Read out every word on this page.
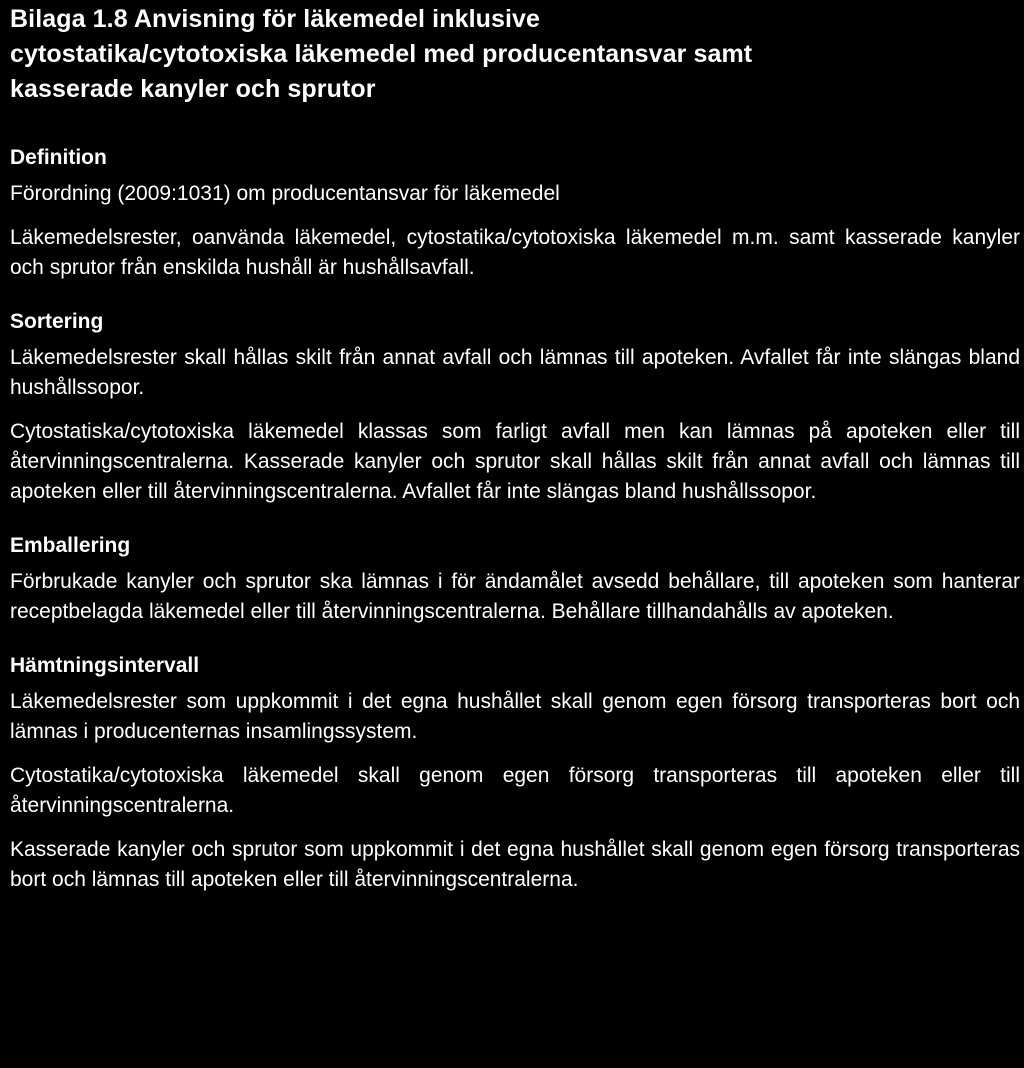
Bilaga 1.8 Anvisning för läkemedel inklusive
cytostatika/cytotoxiska läkemedel med producentansvar samt
kasserade kanyler och sprutor
Definition

Förordning (2009:1031) om producentansvar för läkemedel

Läkemedelsrester, oanvända läkemedel, cytostatika/cytotoxiska läkemedel m.m. samt kasserade kanyler och sprutor från enskilda hushåll är hushållsavfall.

Sortering

Läkemedelsrester skall hållas skilt från annat avfall och lämnas till apoteken. Avfallet får inte slängas bland hushållssopor.

Cytostatiska/cytotoxiska läkemedel klassas som farligt avfall men kan lämnas på apoteken eller till återvinningscentralerna. Kasserade kanyler och sprutor skall hållas skilt från annat avfall och lämnas till apoteken eller till återvinningscentralerna. Avfallet får inte slängas bland hushållssopor.

Emballering

Förbrukade kanyler och sprutor ska lämnas i för ändamålet avsedd behållare, till apoteken som hanterar receptbelagda läkemedel eller till återvinningscentralerna. Behållare tillhandahålls av apoteken.

Hämtningsintervall

Läkemedelsrester som uppkommit i det egna hushållet skall genom egen försorg transporteras bort och lämnas i producenternas insamlingssystem.

Cytostatika/cytotoxiska läkemedel skall genom egen försorg transporteras till apoteken eller till återvinningscentralerna.

Kasserade kanyler och sprutor som uppkommit i det egna hushållet skall genom egen försorg transporteras bort och lämnas till apoteken eller till återvinningscentralerna.
